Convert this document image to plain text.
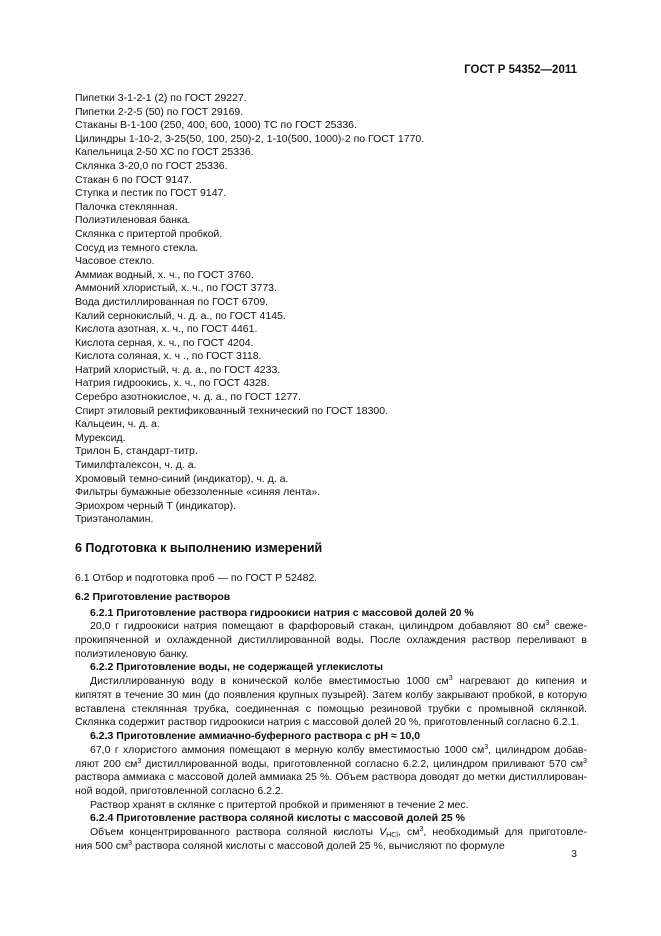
ГОСТ Р 54352—2011
Пипетки 3-1-2-1 (2) по ГОСТ 29227.
Пипетки 2-2-5 (50) по ГОСТ 29169.
Стаканы В-1-100 (250, 400, 600, 1000) ТС по ГОСТ 25336.
Цилиндры 1-10-2, 3-25(50, 100, 250)-2, 1-10(500, 1000)-2 по ГОСТ 1770.
Капельница 2-50 ХС по ГОСТ 25336.
Склянка 3-20,0 по ГОСТ 25336.
Стакан 6 по ГОСТ 9147.
Ступка и пестик по ГОСТ 9147.
Палочка стеклянная.
Полиэтиленовая банка.
Склянка с притертой пробкой.
Сосуд из темного стекла.
Часовое стекло.
Аммиак водный, х. ч., по ГОСТ 3760.
Аммоний хлористый, х. ч., по ГОСТ 3773.
Вода дистиллированная по ГОСТ 6709.
Калий сернокислый, ч. д. а., по ГОСТ 4145.
Кислота азотная, х. ч., по ГОСТ 4461.
Кислота серная, х. ч., по ГОСТ 4204.
Кислота соляная, х. ч ., по ГОСТ 3118.
Натрий хлористый, ч. д. а., по ГОСТ 4233.
Натрия гидроокись, х. ч., по ГОСТ 4328.
Серебро азотнокислое, ч. д. а., по ГОСТ 1277.
Спирт этиловый ректификованный технический по ГОСТ 18300.
Кальцеин, ч. д. а.
Мурексид.
Трилон Б, стандарт-титр.
Тимилфталексон, ч. д. а.
Хромовый темно-синий (индикатор), ч. д. а.
Фильтры бумажные обеззоленные «синяя лента».
Эриохром черный Т (индикатор).
Триэтаноламин.
6 Подготовка к выполнению измерений
6.1 Отбор и подготовка проб — по ГОСТ Р 52482.
6.2 Приготовление растворов
6.2.1 Приготовление раствора гидроокиси натрия с массовой долей 20 %
20,0 г гидроокиси натрия помещают в фарфоровый стакан, цилиндром добавляют 80 $см^3$ свеже-
прокипяченной и охлажденной дистиллированной воды. После охлаждения раствор переливают в
полиэтиленовую банку.
6.2.2 Приготовление воды, не содержащей углекислоты
Дистиллированную воду в конической колбе вместимостью 1000 $см^3$ нагревают до кипения и
кипятят в течение 30 мин (до появления крупных пузырей). Затем колбу закрывают пробкой, в которую
вставлена стеклянная трубка, соединенная с помощью резиновой трубки с промывной склянкой.
Склянка содержит раствор гидроокиси натрия с массовой долей 20 %, приготовленный согласно 6.2.1.
6.2.3 Приготовление аммиачно-буферного раствора с pH ≈ 10,0
67,0 г хлористого аммония помещают в мерную колбу вместимостью 1000 $см^3$, цилиндром добав-
ляют 200 $см^3$ дистиллированной воды, приготовленной согласно 6.2.2, цилиндром приливают 570 $см^3$
раствора аммиака с массовой долей аммиака 25 %. Объем раствора доводят до метки дистиллирован-
ной водой, приготовленной согласно 6.2.2.
Раствор хранят в склянке с притертой пробкой и применяют в течение 2 мес.
6.2.4 Приготовление раствора соляной кислоты с массовой долей 25 %
Объем концентрированного раствора соляной кислоты $V_{HCl}$, $см^3$, необходимый для приготовле-
ния 500 $см^3$ раствора соляной кислоты с массовой долей 25 %, вычисляют по формуле
3
